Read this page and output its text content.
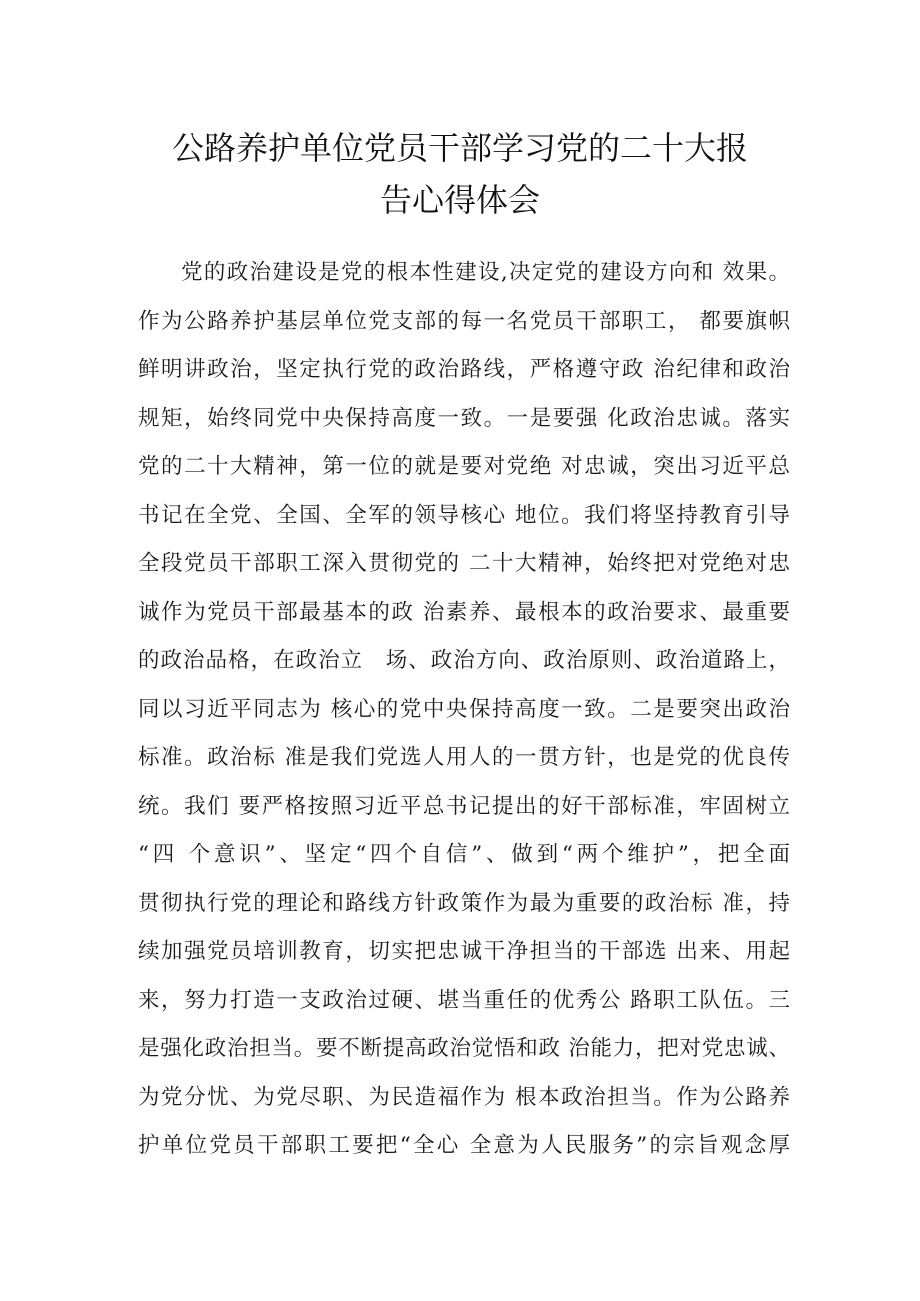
公路养护单位党员干部学习党的二十大报
告心得体会
党的政治建设是党的根本性建设,决定党的建设方向和 效果。
作为公路养护基层单位党支部的每一名党员干部职工， 都要旗帜
鲜明讲政治，坚定执行党的政治路线，严格遵守政 治纪律和政治
规矩，始终同党中央保持高度一致。一是要强 化政治忠诚。落实
党的二十大精神，第一位的就是要对党绝 对忠诚，突出习近平总
书记在全党、全国、全军的领导核心 地位。我们将坚持教育引导
全段党员干部职工深入贯彻党的 二十大精神，始终把对党绝对忠
诚作为党员干部最基本的政 治素养、最根本的政治要求、最重要
的政治品格，在政治立　场、政治方向、政治原则、政治道路上，
同以习近平同志为 核心的党中央保持高度一致。二是要突出政治
标准。政治标 准是我们党选人用人的一贯方针，也是党的优良传
统。我们 要严格按照习近平总书记提出的好干部标准，牢固树立
“四 个意识”、坚定“四个自信”、做到“两个维护”，把全面
贯彻执行党的理论和路线方针政策作为最为重要的政治标 准，持
续加强党员培训教育，切实把忠诚干净担当的干部选 出来、用起
来，努力打造一支政治过硬、堪当重任的优秀公 路职工队伍。三
是强化政治担当。要不断提高政治觉悟和政 治能力，把对党忠诚、
为党分忧、为党尽职、为民造福作为 根本政治担当。作为公路养
护单位党员干部职工要把“全心 全意为人民服务”的宗旨观念厚
